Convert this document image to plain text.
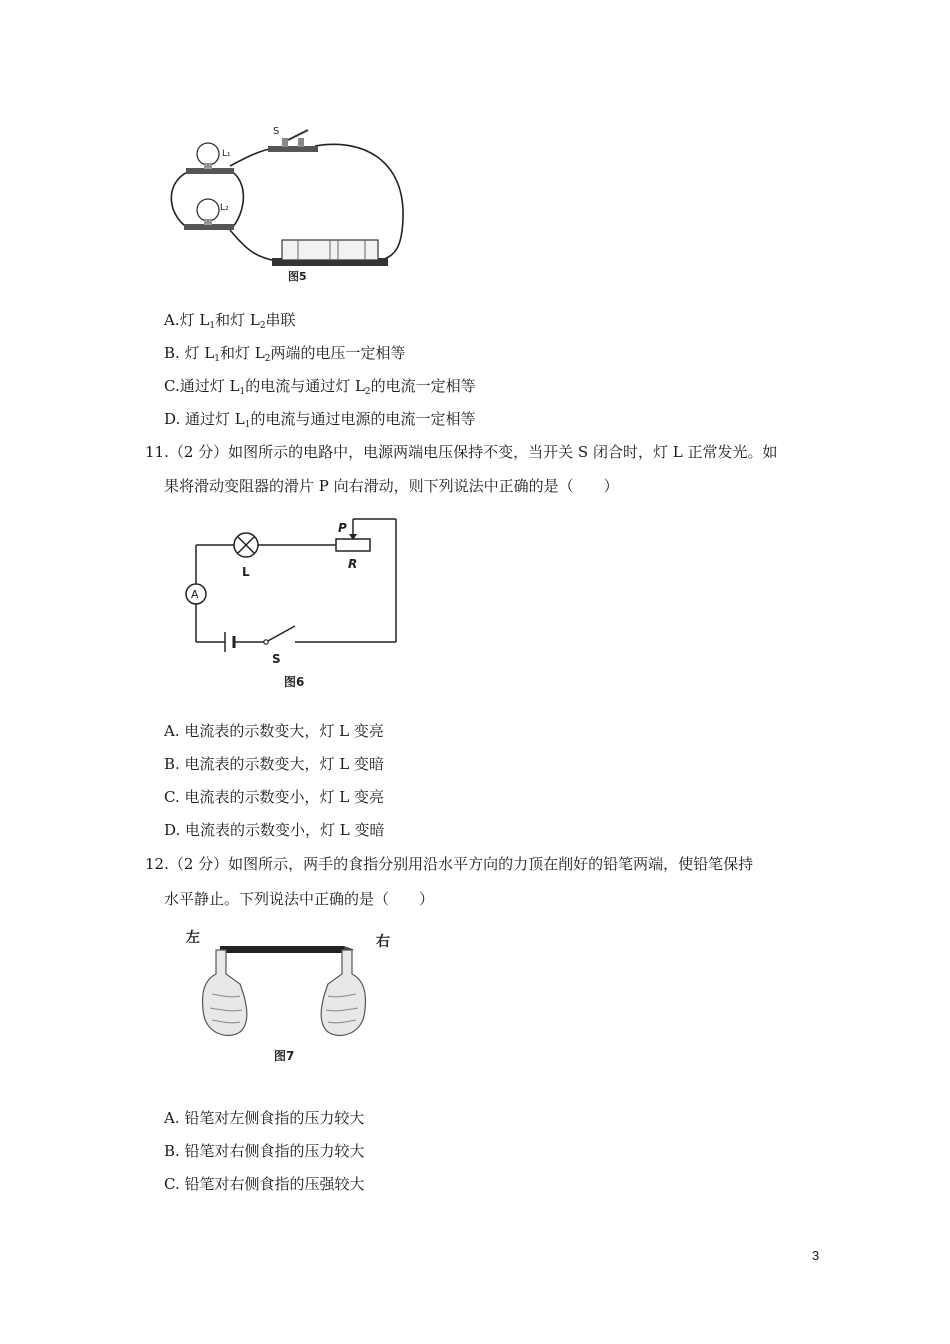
L₁
L₂
S
图5
A.灯 $L_1$和灯 $L_2$串联
B. 灯 $L_1$和灯 $L_2$两端的电压一定相等
C.通过灯 $L_1$的电流与通过灯 $L_2$的电流一定相等
D. 通过灯 $L_1$的电流与通过电源的电流一定相等
11.（2 分）如图所示的电路中，电源两端电压保持不变，当开关 S 闭合时，灯 L 正常发光。如
果将滑动变阻器的滑片 P 向右滑动，则下列说法中正确的是（　　）
A
L
P
R
S
图6
A. 电流表的示数变大，灯 L 变亮
B. 电流表的示数变大，灯 L 变暗
C. 电流表的示数变小，灯 L 变亮
D. 电流表的示数变小，灯 L 变暗
12.（2 分）如图所示，两手的食指分别用沿水平方向的力顶在削好的铅笔两端，使铅笔保持
水平静止。下列说法中正确的是（　　）
左	右
图7
A. 铅笔对左侧食指的压力较大
B. 铅笔对右侧食指的压力较大
C. 铅笔对右侧食指的压强较大
3
